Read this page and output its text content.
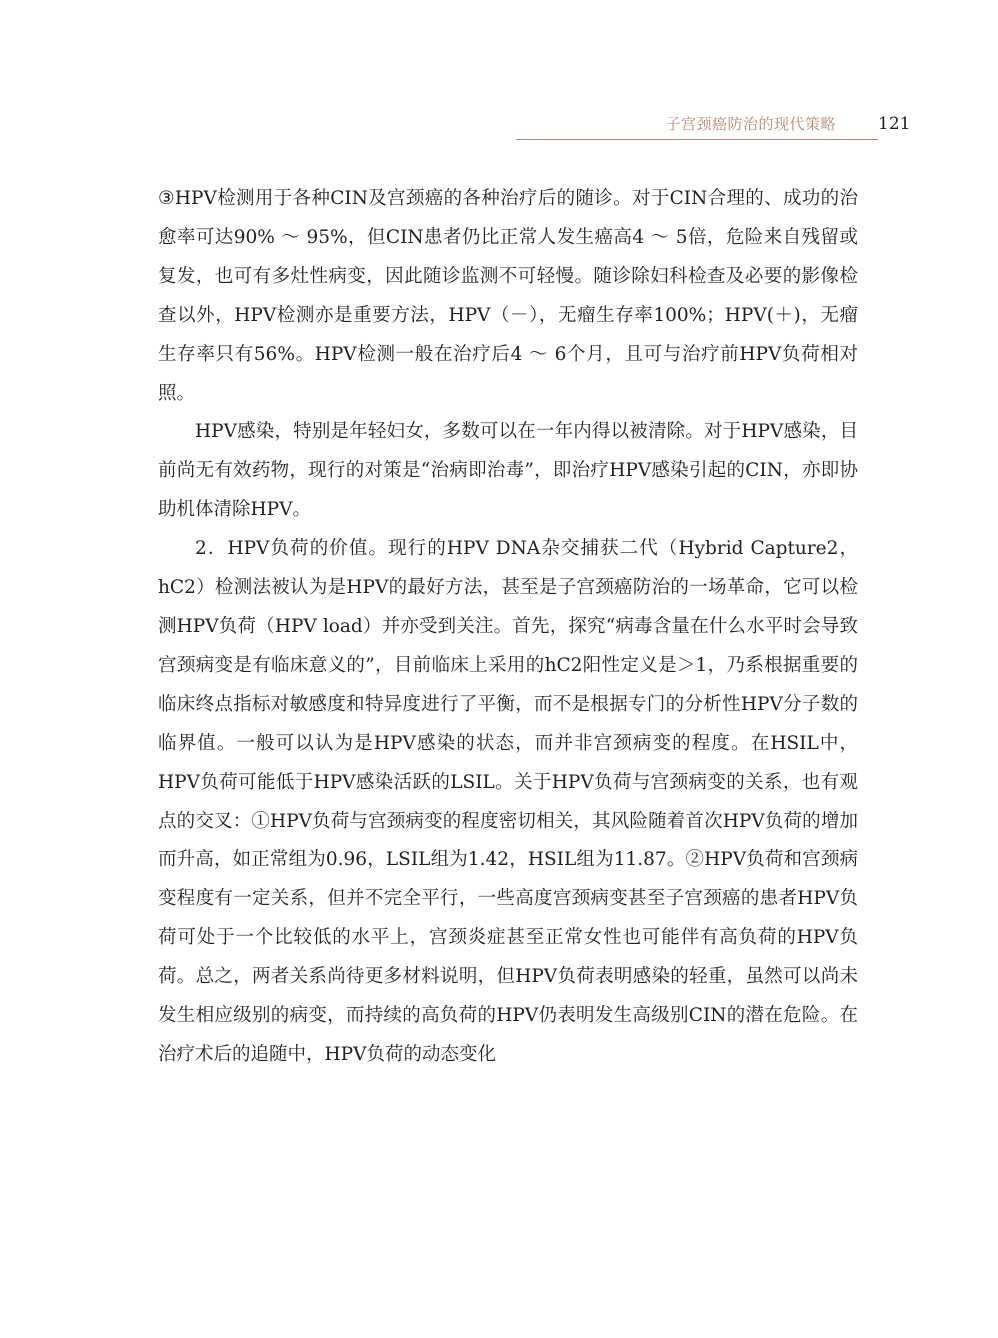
子宫颈癌防治的现代策略 121

③HPV检测用于各种CIN及宫颈癌的各种治疗后的随诊。对于CIN合理的、成功的治愈率可达90% ～ 95%，但CIN患者仍比正常人发生癌高4 ～ 5倍，危险来自残留或复发，也可有多灶性病变，因此随诊监测不可轻慢。随诊除妇科检查及必要的影像检查以外，HPV检测亦是重要方法，HPV（－），无瘤生存率100%；HPV(＋)，无瘤生存率只有56%。HPV检测一般在治疗后4 ～ 6个月，且可与治疗前HPV负荷相对照。

HPV感染，特别是年轻妇女，多数可以在一年内得以被清除。对于HPV感染，目前尚无有效药物，现行的对策是“治病即治毒”，即治疗HPV感染引起的CIN，亦即协助机体清除HPV。

2．HPV负荷的价值。现行的HPV DNA杂交捕获二代（Hybrid Capture2，hC2）检测法被认为是HPV的最好方法，甚至是子宫颈癌防治的一场革命，它可以检测HPV负荷（HPV load）并亦受到关注。首先，探究“病毒含量在什么水平时会导致宫颈病变是有临床意义的”，目前临床上采用的hC2阳性定义是＞1，乃系根据重要的临床终点指标对敏感度和特异度进行了平衡，而不是根据专门的分析性HPV分子数的临界值。一般可以认为是HPV感染的状态，而并非宫颈病变的程度。在HSIL中，HPV负荷可能低于HPV感染活跃的LSIL。关于HPV负荷与宫颈病变的关系，也有观点的交叉：①HPV负荷与宫颈病变的程度密切相关，其风险随着首次HPV负荷的增加而升高，如正常组为0.96，LSIL组为1.42，HSIL组为11.87。②HPV负荷和宫颈病变程度有一定关系，但并不完全平行，一些高度宫颈病变甚至子宫颈癌的患者HPV负荷可处于一个比较低的水平上，宫颈炎症甚至正常女性也可能伴有高负荷的HPV负荷。总之，两者关系尚待更多材料说明，但HPV负荷表明感染的轻重，虽然可以尚未发生相应级别的病变，而持续的高负荷的HPV仍表明发生高级别CIN的潜在危险。在治疗术后的追随中，HPV负荷的动态变化
